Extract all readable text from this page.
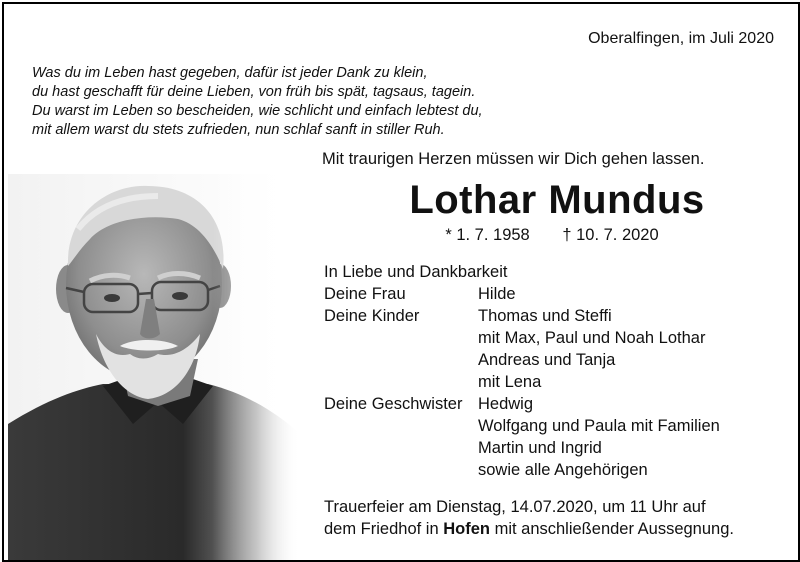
Oberalfingen, im Juli 2020
Was du im Leben hast gegeben, dafür ist jeder Dank zu klein,
du hast geschafft für deine Lieben, von früh bis spät, tagsaus, tagein.
Du warst im Leben so bescheiden, wie schlicht und einfach lebtest du,
mit allem warst du stets zufrieden, nun schlaf sanft in stiller Ruh.
Mit traurigen Herzen müssen wir Dich gehen lassen.
Lothar Mundus
* 1. 7. 1958 † 10. 7. 2020
In Liebe und Dankbarkeit
Deine Frau	Hilde
Deine Kinder	Thomas und Steffi
mit Max, Paul und Noah Lothar
Andreas und Tanja
mit Lena
Deine Geschwister Hedwig
Wolfgang und Paula mit Familien
Martin und Ingrid
sowie alle Angehörigen
Trauerfeier am Dienstag, 14.07.2020, um 11 Uhr auf
dem Friedhof in Hofen mit anschließender Aussegnung.
